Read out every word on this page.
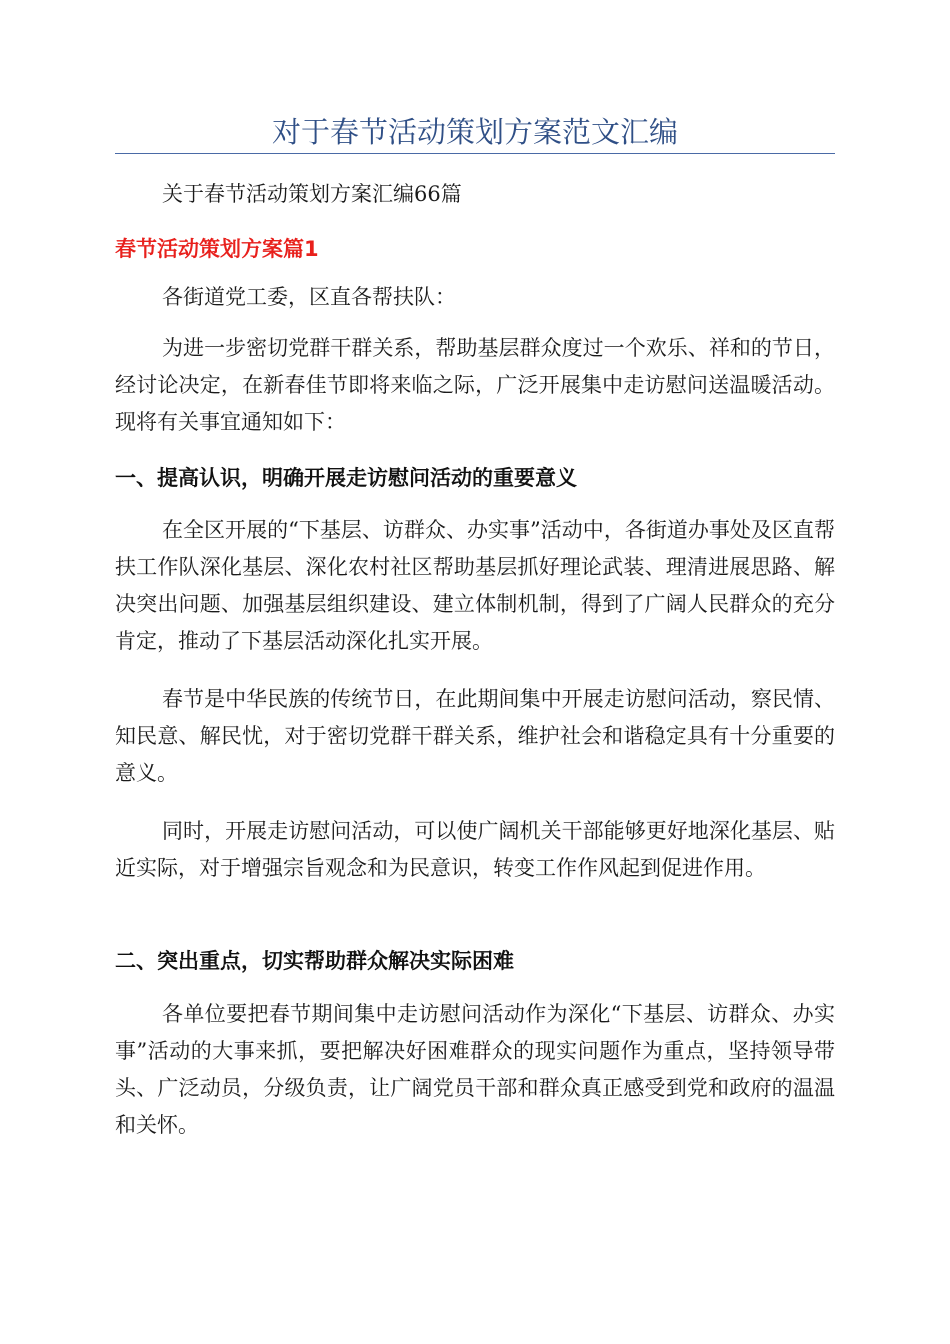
对于春节活动策划方案范文汇编

关于春节活动策划方案汇编66篇

春节活动策划方案篇1

各街道党工委，区直各帮扶队：

为进一步密切党群干群关系，帮助基层群众度过一个欢乐、祥和的节日，经讨论决定，在新春佳节即将来临之际，广泛开展集中走访慰问送温暖活动。现将有关事宜通知如下：

一、提高认识，明确开展走访慰问活动的重要意义

在全区开展的“下基层、访群众、办实事”活动中，各街道办事处及区直帮扶工作队深化基层、深化农村社区帮助基层抓好理论武装、理清进展思路、解决突出问题、加强基层组织建设、建立体制机制，得到了广阔人民群众的充分肯定，推动了下基层活动深化扎实开展。

春节是中华民族的传统节日，在此期间集中开展走访慰问活动，察民情、知民意、解民忧，对于密切党群干群关系，维护社会和谐稳定具有十分重要的意义。

同时，开展走访慰问活动，可以使广阔机关干部能够更好地深化基层、贴近实际，对于增强宗旨观念和为民意识，转变工作作风起到促进作用。

二、突出重点，切实帮助群众解决实际困难

各单位要把春节期间集中走访慰问活动作为深化“下基层、访群众、办实事”活动的大事来抓，要把解决好困难群众的现实问题作为重点，坚持领导带头、广泛动员，分级负责，让广阔党员干部和群众真正感受到党和政府的温温和关怀。
